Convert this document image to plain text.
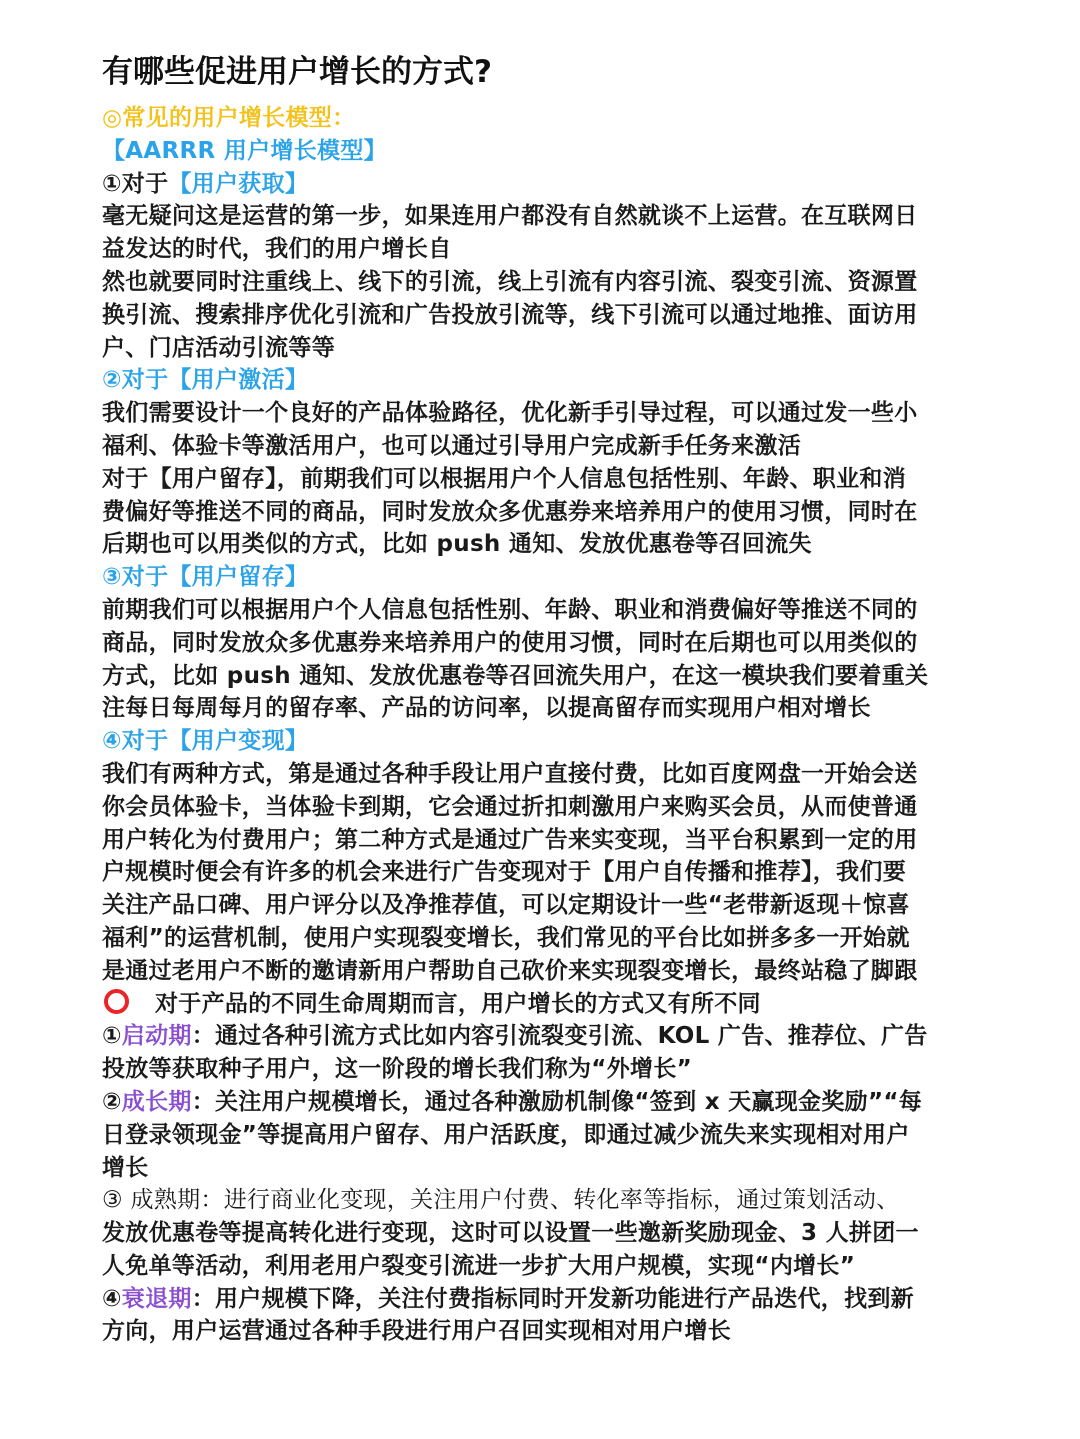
有哪些促进用户增长的方式?
◎常见的用户增长模型：
【AARRR 用户增长模型】
①对于【用户获取】
毫无疑问这是运营的第一步，如果连用户都没有自然就谈不上运营。在互联网日
益发达的时代，我们的用户增长自
然也就要同时注重线上、线下的引流，线上引流有内容引流、裂变引流、资源置
换引流、搜索排序优化引流和广告投放引流等，线下引流可以通过地推、面访用
户、门店活动引流等等
②对于【用户激活】
我们需要设计一个良好的产品体验路径，优化新手引导过程，可以通过发一些小
福利、体验卡等激活用户，也可以通过引导用户完成新手任务来激活
对于【用户留存】，前期我们可以根据用户个人信息包括性别、年龄、职业和消
费偏好等推送不同的商品，同时发放众多优惠券来培养用户的使用习惯，同时在
后期也可以用类似的方式，比如 push 通知、发放优惠卷等召回流失
③对于【用户留存】
前期我们可以根据用户个人信息包括性别、年龄、职业和消费偏好等推送不同的
商品，同时发放众多优惠券来培养用户的使用习惯，同时在后期也可以用类似的
方式，比如 push 通知、发放优惠卷等召回流失用户，在这一模块我们要着重关
注每日每周每月的留存率、产品的访问率，以提高留存而实现用户相对增长
④对于【用户变现】
我们有两种方式，第是通过各种手段让用户直接付费，比如百度网盘一开始会送
你会员体验卡，当体验卡到期，它会通过折扣刺激用户来购买会员，从而使普通
用户转化为付费用户；第二种方式是通过广告来实变现，当平台积累到一定的用
户规模时便会有许多的机会来进行广告变现对于【用户自传播和推荐】，我们要
关注产品口碑、用户评分以及净推荐值，可以定期设计一些“老带新返现＋惊喜
福利”的运营机制，使用户实现裂变增长，我们常见的平台比如拼多多一开始就
是通过老用户不断的邀请新用户帮助自己砍价来实现裂变增长，最终站稳了脚跟
对于产品的不同生命周期而言，用户增长的方式又有所不同
①启动期：通过各种引流方式比如内容引流裂变引流、KOL 广告、推荐位、广告
投放等获取种子用户，这一阶段的增长我们称为“外增长”
②成长期：关注用户规模增长，通过各种激励机制像“签到 x 天赢现金奖励”“每
日登录领现金”等提高用户留存、用户活跃度，即通过减少流失来实现相对用户
增长
③ 成熟期：进行商业化变现，关注用户付费、转化率等指标，通过策划活动、
发放优惠卷等提高转化进行变现，这时可以设置一些邀新奖励现金、3 人拼团一
人免单等活动，利用老用户裂变引流进一步扩大用户规模，实现“内增长”
④衰退期：用户规模下降，关注付费指标同时开发新功能进行产品迭代，找到新
方向，用户运营通过各种手段进行用户召回实现相对用户增长
